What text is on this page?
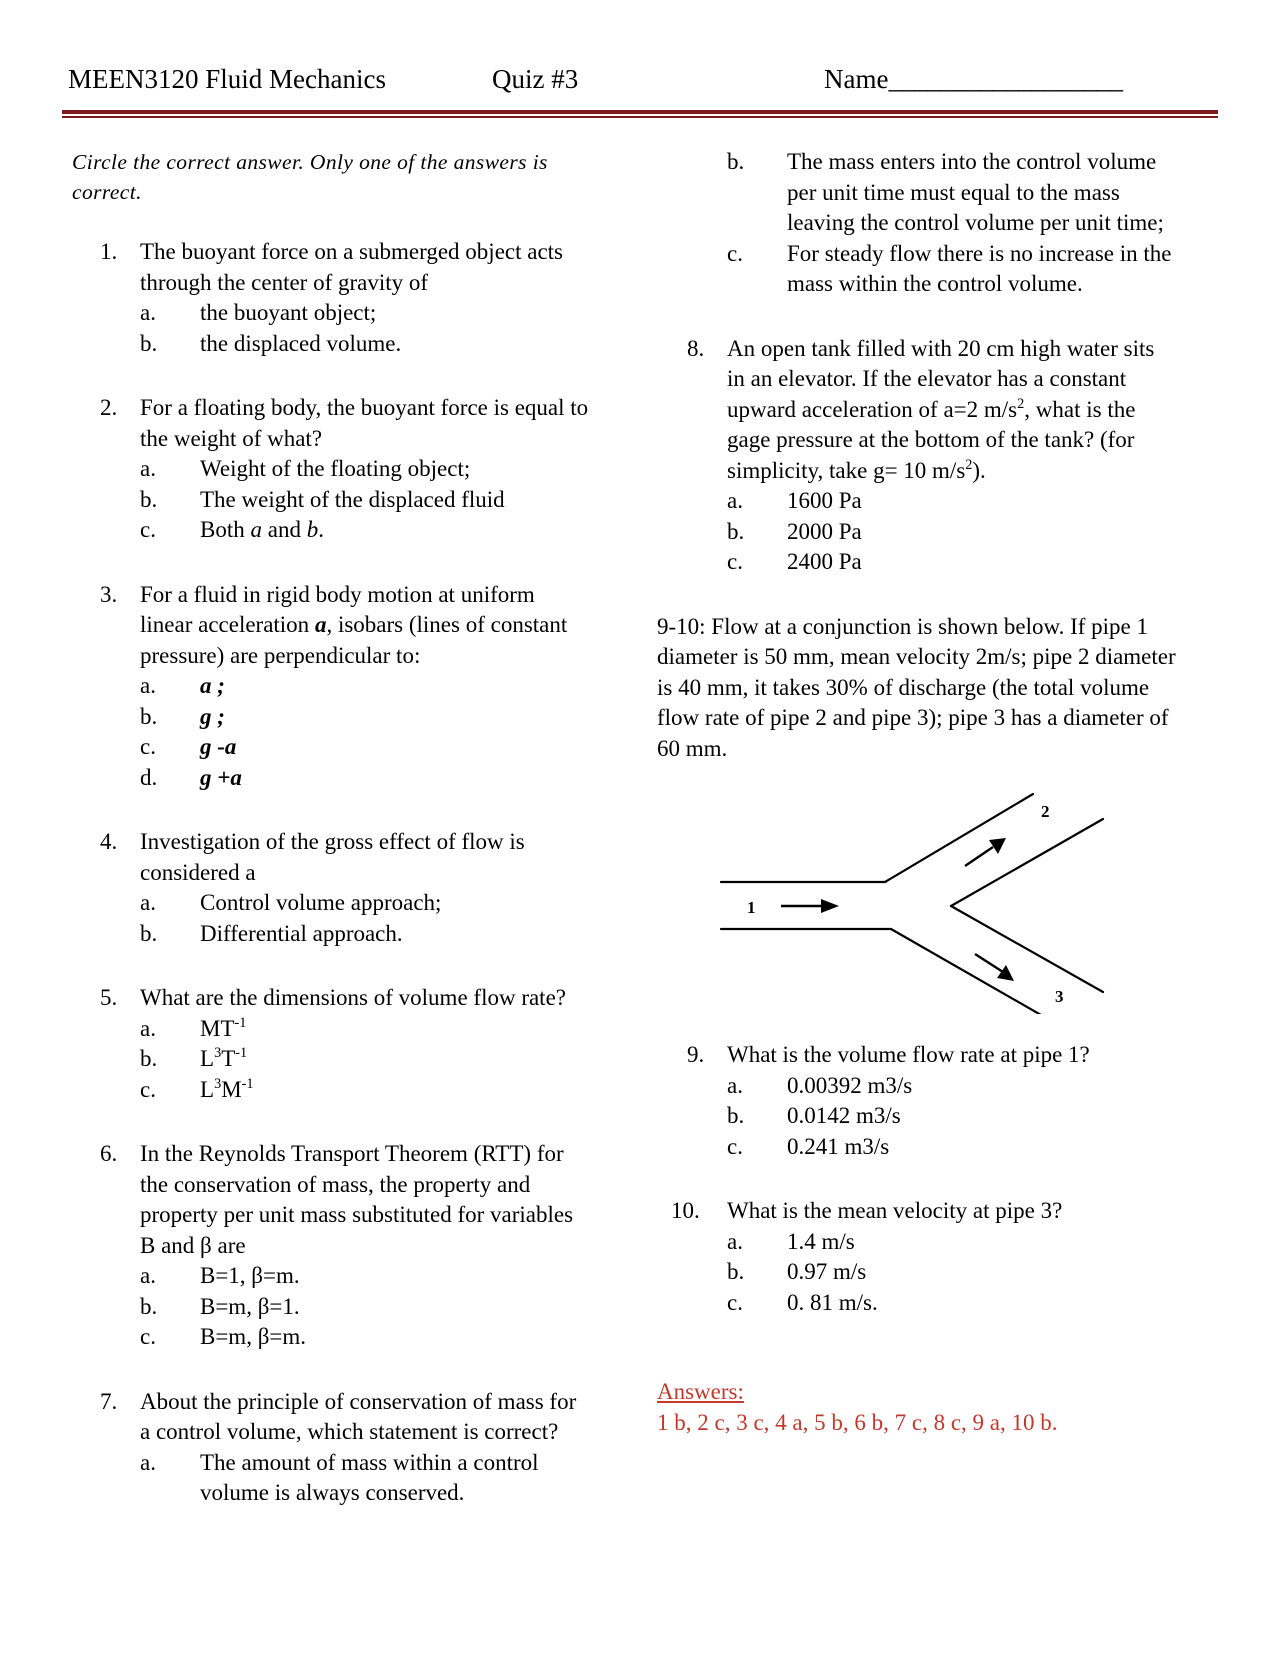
MEEN3120 Fluid Mechanics	Quiz #3	Name__________________

Circle the correct answer. Only one of the answers is correct.

1. The buoyant force on a submerged object acts through the center of gravity of
a.	the buoyant object;
b.	the displaced volume.
2. For a floating body, the buoyant force is equal to the weight of what?
a.	Weight of the floating object;
b.	The weight of the displaced fluid
c.	Both a and b.
3. For a fluid in rigid body motion at uniform linear acceleration a, isobars (lines of constant pressure) are perpendicular to:
a.	a ;
b.	g ;
c.	g -a
d.	g +a
4. Investigation of the gross effect of flow is considered a
a.	Control volume approach;
b.	Differential approach.
5. What are the dimensions of volume flow rate?
a.	$MT^{-1}$
b.	$L^3T^{-1}$
c.	$L^3M^{-1}$
6. In the Reynolds Transport Theorem (RTT) for the conservation of mass, the property and property per unit mass substituted for variables B and β are
a.	B=1, β=m.
b.	B=m, β=1.
c.	B=m, β=m.
7. About the principle of conservation of mass for a control volume, which statement is correct?
a.	The amount of mass within a control volume is always conserved.
b.	The mass enters into the control volume per unit time must equal to the mass leaving the control volume per unit time;
c.	For steady flow there is no increase in the mass within the control volume.
8. An open tank filled with 20 cm high water sits in an elevator. If the elevator has a constant upward acceleration of a=2 $m/s^2$, what is the gage pressure at the bottom of the tank? (for simplicity, take g= 10 $m/s^2$).
a.	1600 Pa
b.	2000 Pa
c.	2400 Pa

9-10: Flow at a conjunction is shown below. If pipe 1 diameter is 50 mm, mean velocity 2m/s; pipe 2 diameter is 40 mm, it takes 30% of discharge (the total volume flow rate of pipe 2 and pipe 3); pipe 3 has a diameter of 60 mm.

1
2
3
9. What is the volume flow rate at pipe 1?
a.	0.00392 m3/s
b.	0.0142 m3/s
c.	0.241 m3/s
10.	What is the mean velocity at pipe 3?
a.	1.4 m/s
b.	0.97 m/s
c.	0. 81 m/s.
Answers:
1 b, 2 c, 3 c, 4 a, 5 b, 6 b, 7 c, 8 c, 9 a, 10 b.
